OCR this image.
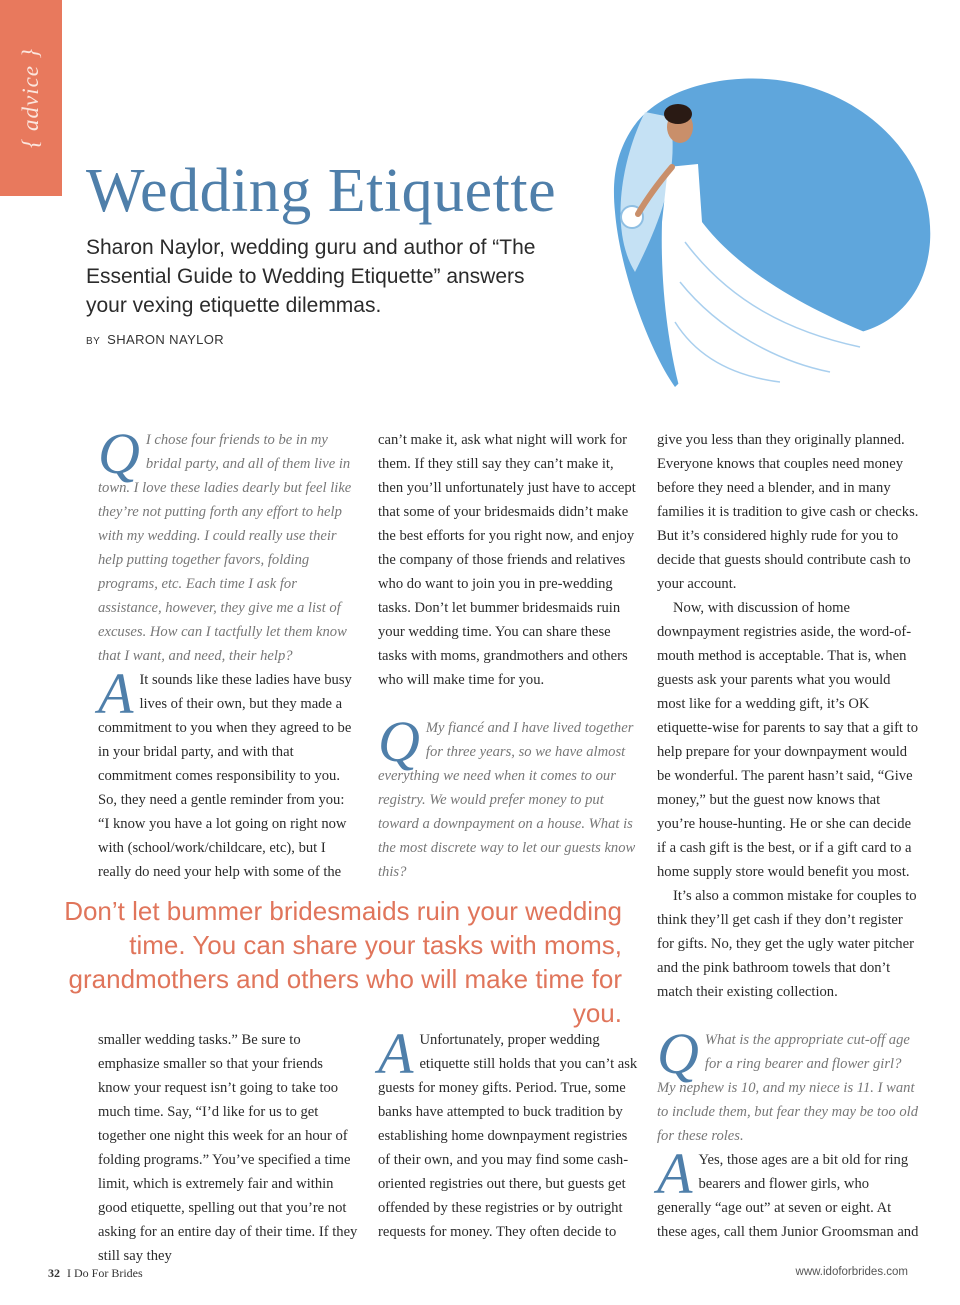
{ advice }
Wedding Etiquette

Sharon Naylor, wedding guru and author of “The Essential Guide to Wedding Etiquette” answers your vexing etiquette dilemmas.

BY SHARON NAYLOR

Q I chose four friends to be in my bridal party, and all of them live in town. I love these ladies dearly but feel like they’re not putting forth any effort to help with my wedding. I could really use their help putting together favors, folding programs, etc. Each time I ask for assistance, however, they give me a list of excuses. How can I tactfully let them know that I want, and need, their help?

A It sounds like these ladies have busy lives of their own, but they made a commitment to you when they agreed to be in your bridal party, and with that commitment comes responsibility to you. So, they need a gentle reminder from you: “I know you have a lot going on right now with (school/work/childcare, etc), but I really do need your help with some of the

can’t make it, ask what night will work for them. If they still say they can’t make it, then you’ll unfortunately just have to accept that some of your bridesmaids didn’t make the best efforts for you right now, and enjoy the company of those friends and relatives who do want to join you in pre-wedding tasks. Don’t let bummer bridesmaids ruin your wedding time. You can share these tasks with moms, grandmothers and others who will make time for you.

Q My fiancé and I have lived together for three years, so we have almost everything we need when it comes to our registry. We would prefer money to put toward a downpayment on a house. What is the most discrete way to let our guests know this?

give you less than they originally planned. Everyone knows that couples need money before they need a blender, and in many families it is tradition to give cash or checks. But it’s considered highly rude for you to decide that guests should contribute cash to your account.

Now, with discussion of home downpayment registries aside, the word-of-mouth method is acceptable. That is, when guests ask your parents what you would most like for a wedding gift, it’s OK etiquette-wise for parents to say that a gift to help prepare for your downpayment would be wonderful. The parent hasn’t said, “Give money,” but the guest now knows that you’re house-hunting. He or she can decide if a cash gift is the best, or if a gift card to a home supply store would benefit you most.

It’s also a common mistake for couples to think they’ll get cash if they don’t register for gifts. No, they get the ugly water pitcher and the pink bathroom towels that don’t match their existing collection.

Don’t let bummer bridesmaids ruin your wedding time. You can share your tasks with moms, grandmothers and others who will make time for you.

smaller wedding tasks.” Be sure to emphasize smaller so that your friends know your request isn’t going to take too much time. Say, “I’d like for us to get together one night this week for an hour of folding programs.” You’ve specified a time limit, which is extremely fair and within good etiquette, spelling out that you’re not asking for an entire day of their time. If they still say they

A Unfortunately, proper wedding etiquette still holds that you can’t ask guests for money gifts. Period. True, some banks have attempted to buck tradition by establishing home downpayment registries of their own, and you may find some cash-oriented registries out there, but guests get offended by these registries or by outright requests for money. They often decide to

Q What is the appropriate cut-off age for a ring bearer and flower girl? My nephew is 10, and my niece is 11. I want to include them, but fear they may be too old for these roles.

A Yes, those ages are a bit old for ring bearers and flower girls, who generally “age out” at seven or eight. At these ages, call them Junior Groomsman and

32 I Do For Brides	www.idoforbrides.com
